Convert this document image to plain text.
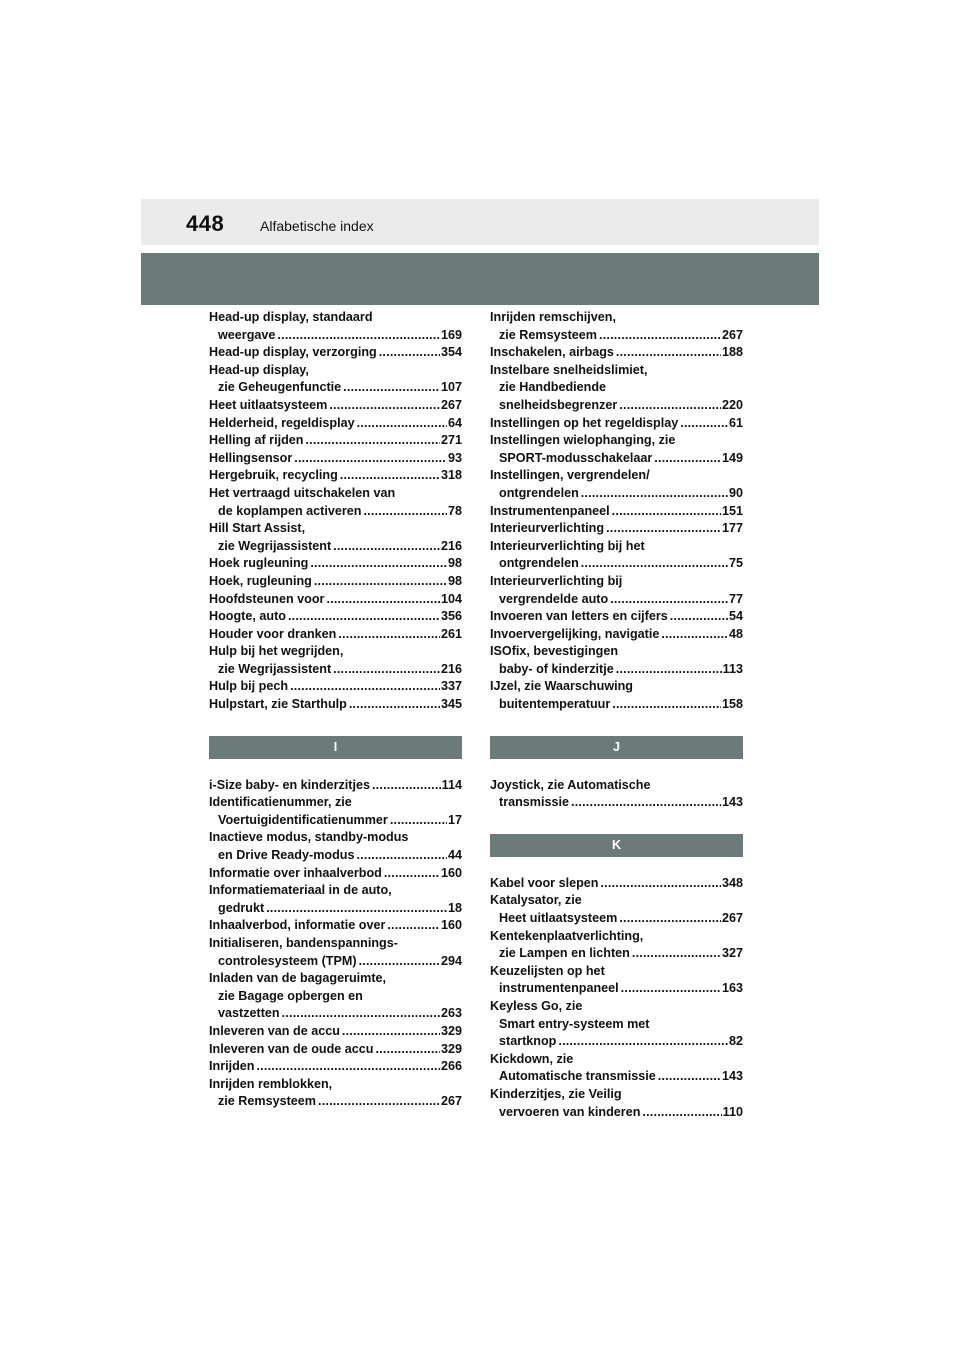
448	Alfabetische index
Head-up display, standaard
weergave .....	169
Head-up display, verzorging .....	354
Head-up display,
zie Geheugenfunctie .....	107
Heet uitlaatsysteem .....	267
Helderheid, regeldisplay .....	64
Helling af rijden .....	271
Hellingsensor .....	93
Hergebruik, recycling .....	318
Het vertraagd uitschakelen van
de koplampen activeren .....	78
Hill Start Assist,
zie Wegrijassistent .....	216
Hoek rugleuning .....	98
Hoek, rugleuning .....	98
Hoofdsteunen voor .....	104
Hoogte, auto .....	356
Houder voor dranken .....	261
Hulp bij het wegrijden,
zie Wegrijassistent .....	216
Hulp bij pech .....	337
Hulpstart, zie Starthulp .....	345
I
i-Size baby- en kinderzitjes .....	114
Identificatienummer, zie
Voertuigidentificatienummer .....	17
Inactieve modus, standby-modus
en Drive Ready-modus .....	44
Informatie over inhaalverbod .....	160
Informatiemateriaal in de auto,
gedrukt .....	18
Inhaalverbod, informatie over .....	160
Initialiseren, bandenspannings-
controlesysteem (TPM) .....	294
Inladen van de bagageruimte,
zie Bagage opbergen en
vastzetten .....	263
Inleveren van de accu .....	329
Inleveren van de oude accu .....	329
Inrijden .....	266
Inrijden remblokken,
zie Remsysteem .....	267
Inrijden remschijven,
zie Remsysteem .....	267
Inschakelen, airbags .....	188
Instelbare snelheidslimiet,
zie Handbediende
snelheidsbegrenzer .....	220
Instellingen op het regeldisplay .....	61
Instellingen wielophanging, zie
SPORT-modusschakelaar .....	149
Instellingen, vergrendelen/
ontgrendelen .....	90
Instrumentenpaneel .....	151
Interieurverlichting .....	177
Interieurverlichting bij het
ontgrendelen .....	75
Interieurverlichting bij
vergrendelde auto .....	77
Invoeren van letters en cijfers .....	54
Invoervergelijking, navigatie .....	48
ISOfix, bevestigingen
baby- of kinderzitje .....	113
IJzel, zie Waarschuwing
buitentemperatuur .....	158
J
Joystick, zie Automatische
transmissie .....	143
K
Kabel voor slepen .....	348
Katalysator, zie
Heet uitlaatsysteem .....	267
Kentekenplaatverlichting,
zie Lampen en lichten .....	327
Keuzelijsten op het
instrumentenpaneel .....	163
Keyless Go, zie
Smart entry-systeem met
startknop .....	82
Kickdown, zie
Automatische transmissie .....	143
Kinderzitjes, zie Veilig
vervoeren van kinderen .....	110
